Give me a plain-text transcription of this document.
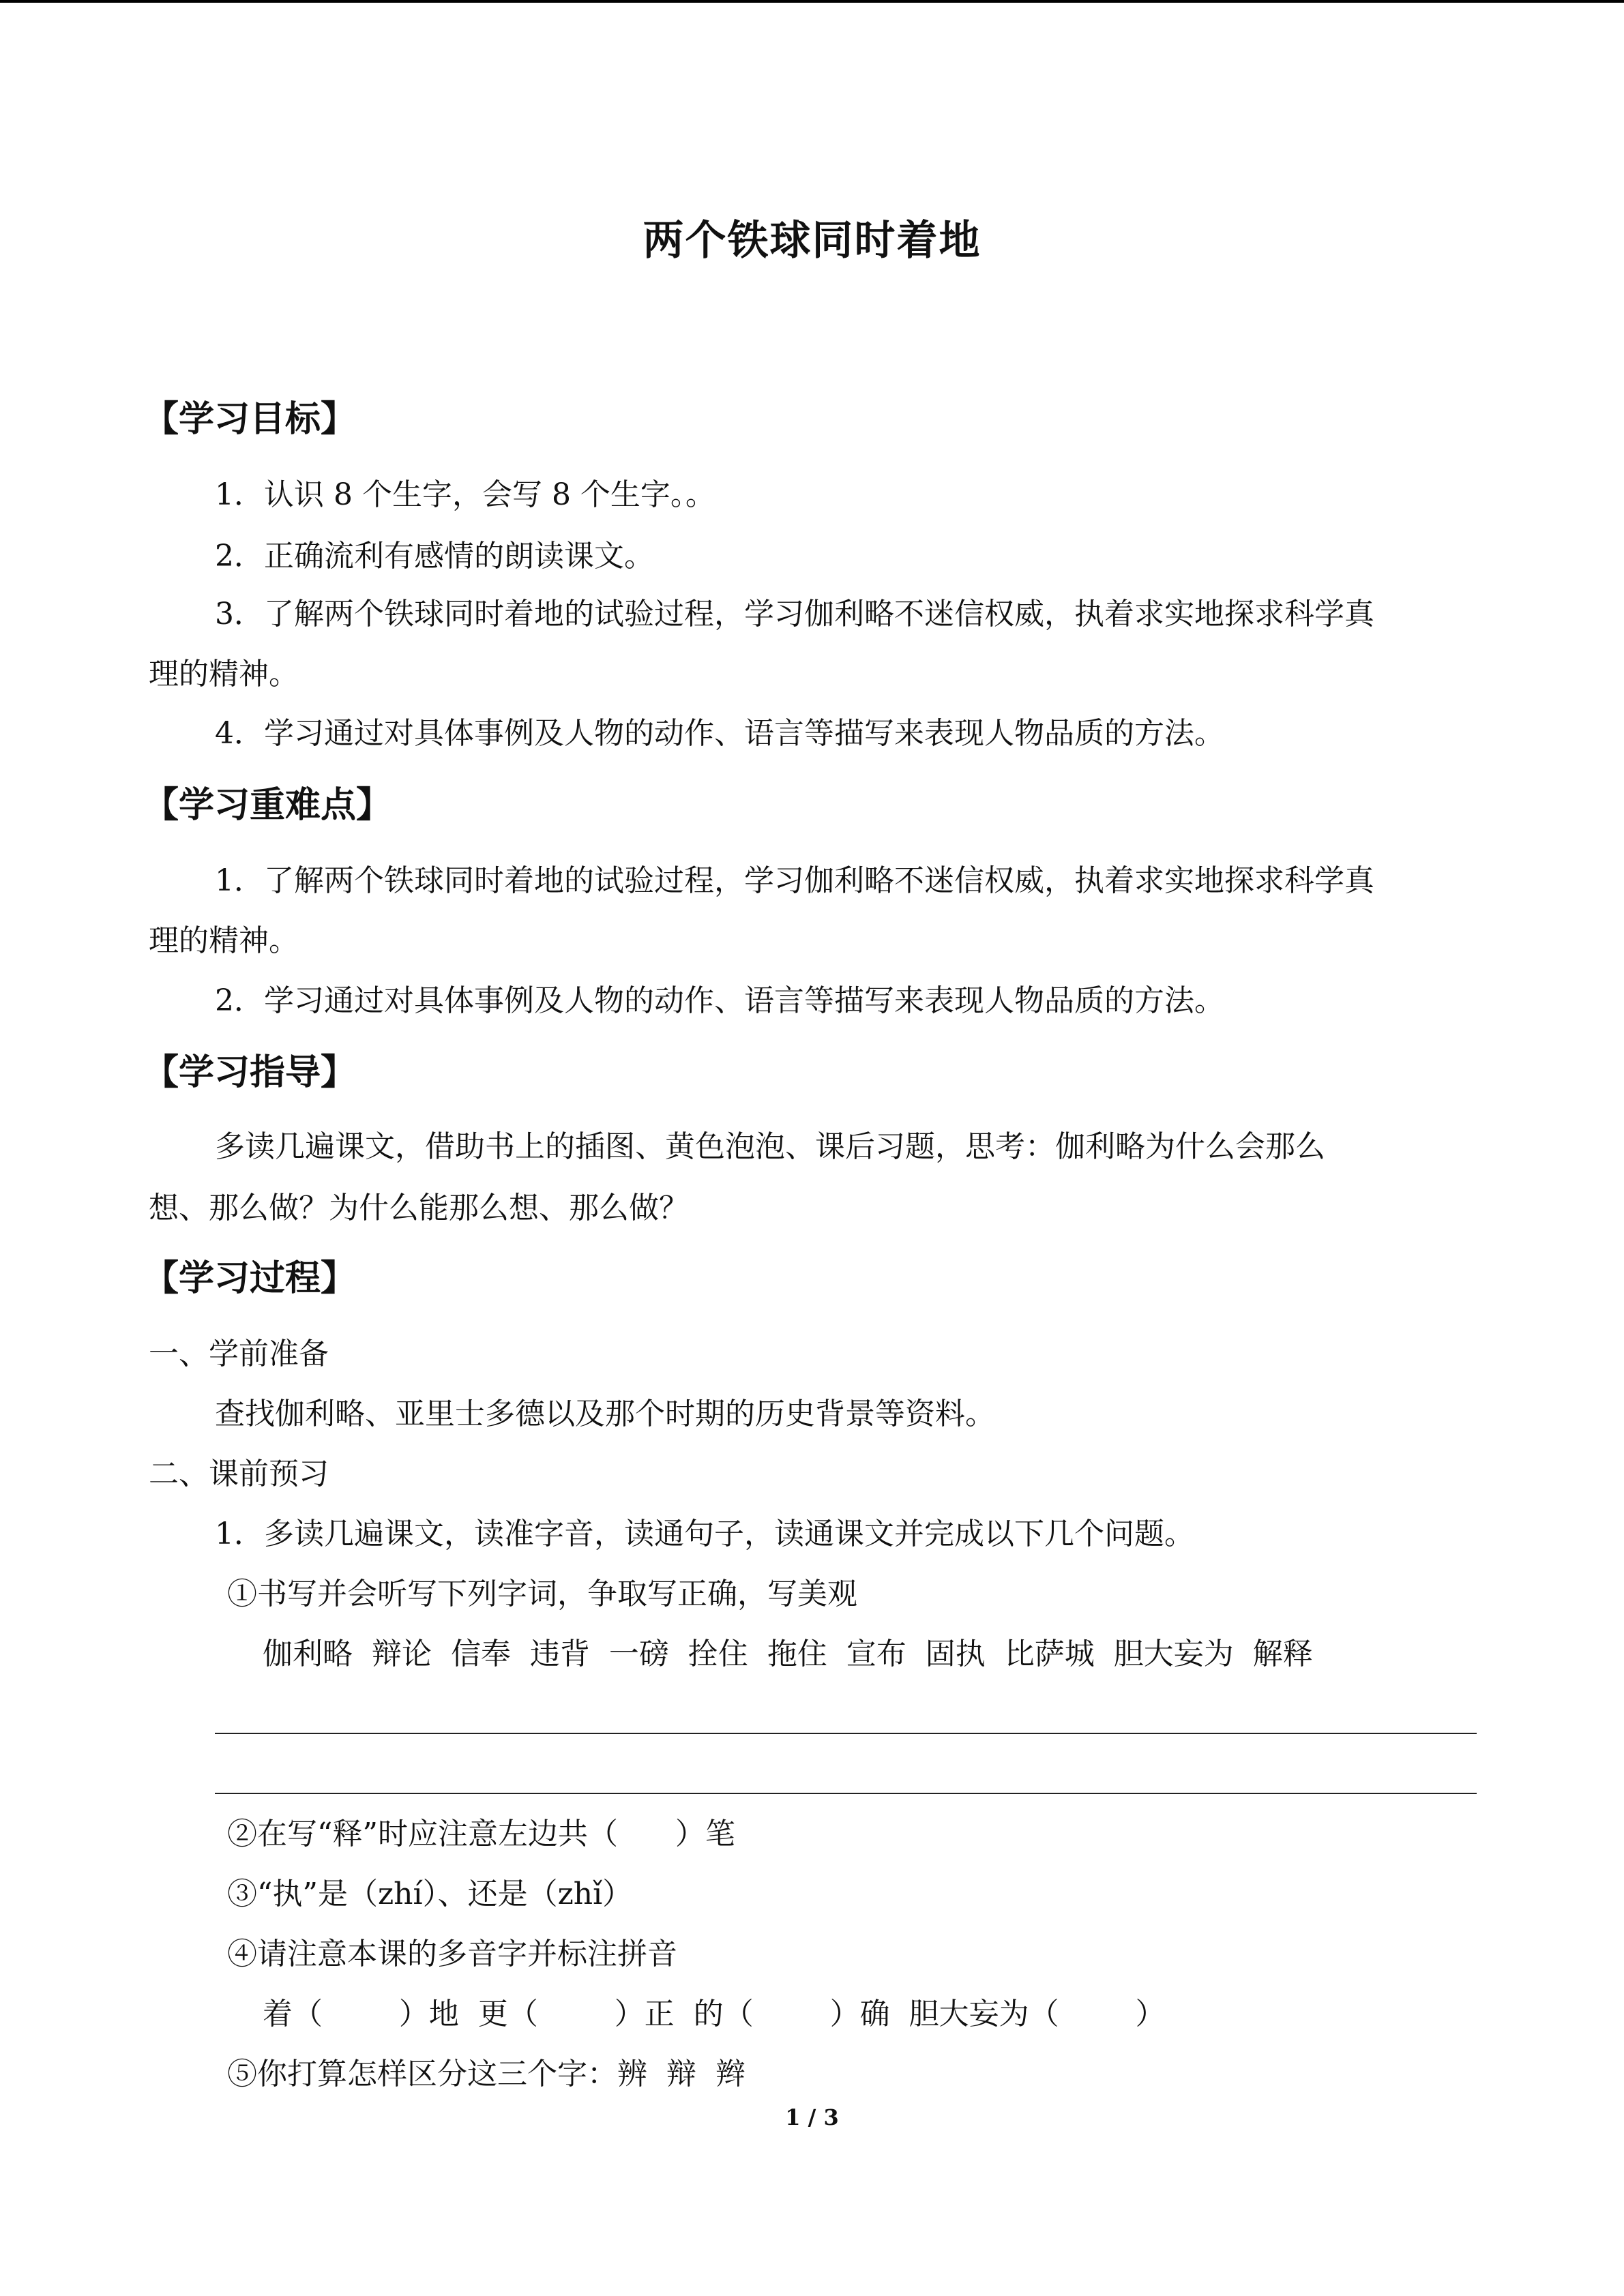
两个铁球同时着地
【学习目标】
1．认识 8 个生字，会写 8 个生字。。
2．正确流利有感情的朗读课文。
3．了解两个铁球同时着地的试验过程，学习伽利略不迷信权威，执着求实地探求科学真
理的精神。
4．学习通过对具体事例及人物的动作、语言等描写来表现人物品质的方法。
【学习重难点】
1．了解两个铁球同时着地的试验过程，学习伽利略不迷信权威，执着求实地探求科学真
理的精神。
2．学习通过对具体事例及人物的动作、语言等描写来表现人物品质的方法。
【学习指导】
多读几遍课文，借助书上的插图、黄色泡泡、课后习题，思考：伽利略为什么会那么
想、那么做？为什么能那么想、那么做？
【学习过程】
一、学前准备
查找伽利略、亚里士多德以及那个时期的历史背景等资料。
二、课前预习
1．多读几遍课文，读准字音，读通句子，读通课文并完成以下几个问题。
①书写并会听写下列字词，争取写正确，写美观
伽利略  辩论  信奉  违背  一磅  拴住  拖住  宣布  固执  比萨城  胆大妄为  解释
②在写“释”时应注意左边共（      ）笔
③“执”是（zhí）、还是（zhǐ）
④请注意本课的多音字并标注拼音
着（        ）地  更（        ）正  的（        ）确  胆大妄为（        ）
⑤你打算怎样区分这三个字：辨  辩  辫
1 / 3
